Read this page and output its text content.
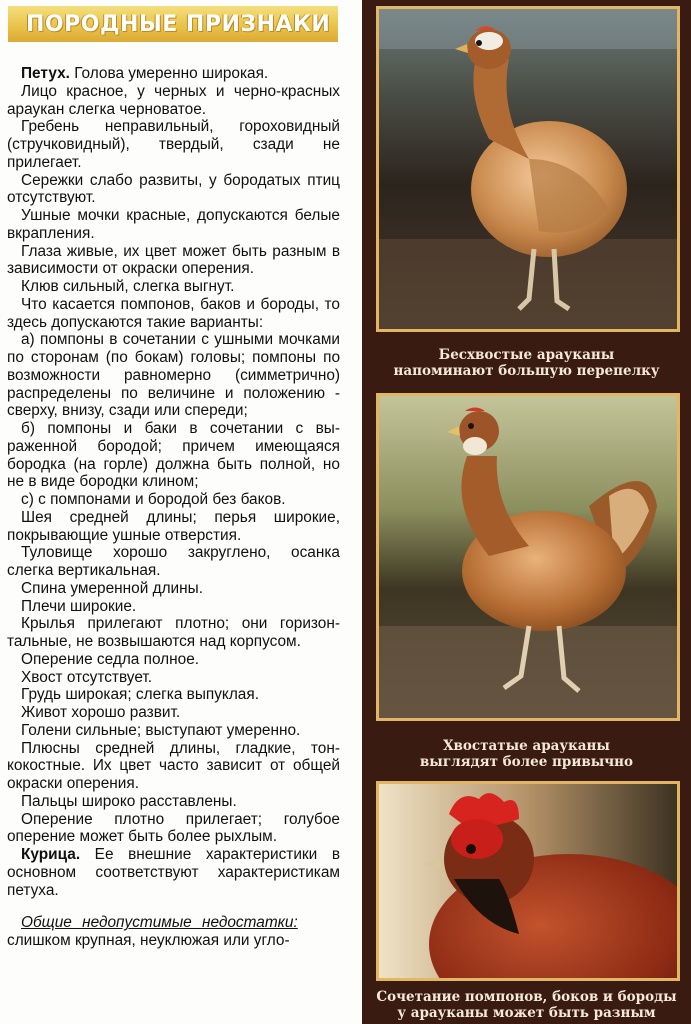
ПОРОДНЫЕ ПРИЗНАКИ

Петух. Голова умеренно широкая.

Лицо красное, у черных и черно-красных араукан слегка черноватое.

Гребень неправильный, гороховидный (стручковидный), твердый, сзади не прилегает.

Сережки слабо развиты, у бородатых птиц отсутствуют.

Ушные мочки красные, допускаются белые вкрапления.

Глаза живые, их цвет может быть разным в зависимости от окраски оперения.

Клюв сильный, слегка выгнут.

Что касается помпонов, баков и бороды, то здесь допускаются такие варианты:

а) помпоны в сочетании с ушными мочками по сторонам (по бокам) головы; помпоны по возможности равномерно (симметрично) распределены по величине и положению - сверху, внизу, сзади или спереди;

б) помпоны и баки в сочетании с выраженной бородой; причем имеющаяся бородка (на горле) должна быть полной, но не в виде бородки клином;

с) с помпонами и бородой без баков.

Шея средней длины; перья широкие, покрывающие ушные отверстия.

Туловище хорошо закруглено, осанка слегка вертикальная.

Спина умеренной длины.

Плечи широкие.

Крылья прилегают плотно; они горизонтальные, не возвышаются над корпусом.

Оперение седла полное.

Хвост отсутствует.

Грудь широкая; слегка выпуклая.

Живот хорошо развит.

Голени сильные; выступают умеренно.

Плюсны средней длины, гладкие, тонкокостные. Их цвет часто зависит от общей окраски оперения.

Пальцы широко расставлены.

Оперение плотно прилегает; голубое оперение может быть более рыхлым.

Курица. Ее внешние характеристики в основном соответствуют характеристикам петуха.

Общие недопустимые недостатки:

слишком крупная, неуклюжая или угло-

Бесхвостые арауканы
напоминают большую перепелку
Хвостатые арауканы
выглядят более привычно
Сочетание помпонов, боков и бороды
у арауканы может быть разным
